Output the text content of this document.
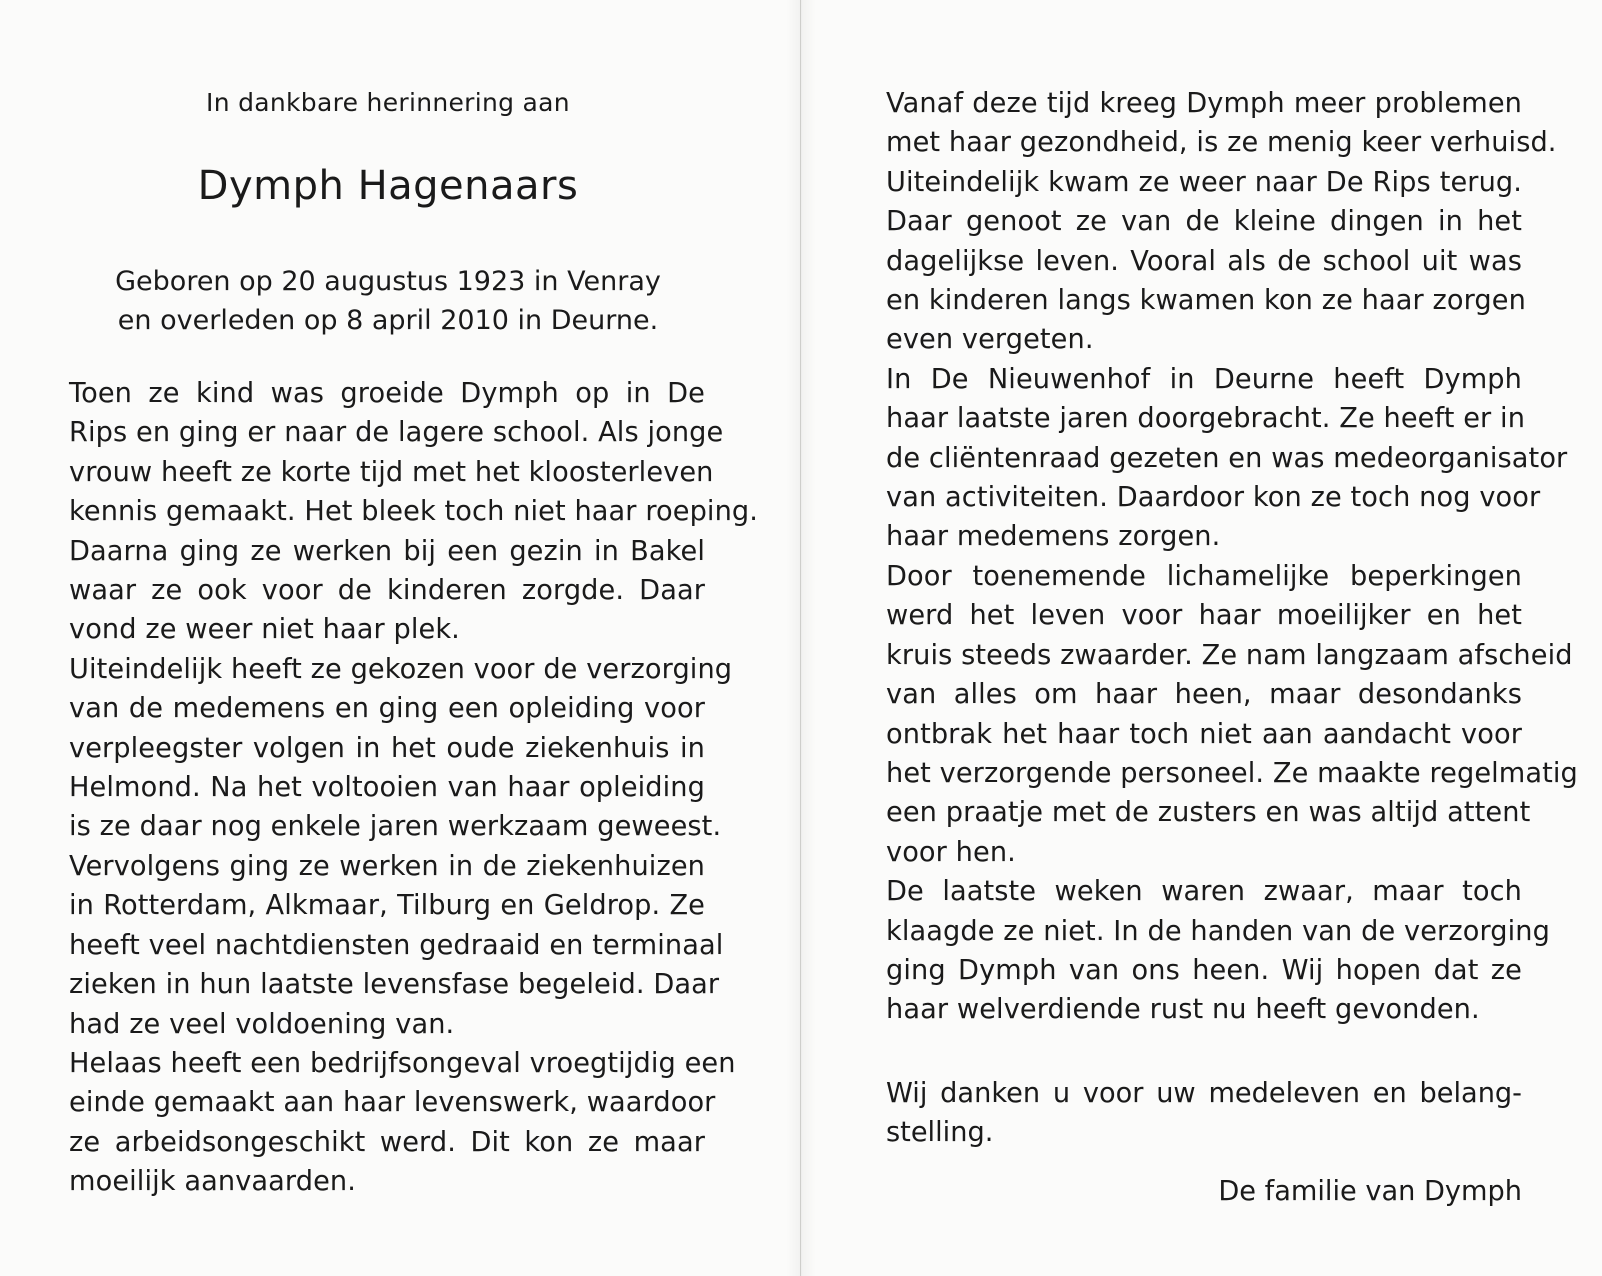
In dankbare herinnering aan
Dymph Hagenaars
Geboren op 20 augustus 1923 in Venray
en overleden op 8 april 2010 in Deurne.
Toen ze kind was groeide Dymph op in De
Rips en ging er naar de lagere school. Als jonge
vrouw heeft ze korte tijd met het kloosterleven
kennis gemaakt. Het bleek toch niet haar roeping.
Daarna ging ze werken bij een gezin in Bakel
waar ze ook voor de kinderen zorgde. Daar
vond ze weer niet haar plek.
Uiteindelijk heeft ze gekozen voor de verzorging
van de medemens en ging een opleiding voor
verpleegster volgen in het oude ziekenhuis in
Helmond. Na het voltooien van haar opleiding
is ze daar nog enkele jaren werkzaam geweest.
Vervolgens ging ze werken in de ziekenhuizen
in Rotterdam, Alkmaar, Tilburg en Geldrop. Ze
heeft veel nachtdiensten gedraaid en terminaal
zieken in hun laatste levensfase begeleid. Daar
had ze veel voldoening van.
Helaas heeft een bedrijfsongeval vroegtijdig een
einde gemaakt aan haar levenswerk, waardoor
ze arbeidsongeschikt werd. Dit kon ze maar
moeilijk aanvaarden.
Vanaf deze tijd kreeg Dymph meer problemen
met haar gezondheid, is ze menig keer verhuisd.
Uiteindelijk kwam ze weer naar De Rips terug.
Daar genoot ze van de kleine dingen in het
dagelijkse leven. Vooral als de school uit was
en kinderen langs kwamen kon ze haar zorgen
even vergeten.
In De Nieuwenhof in Deurne heeft Dymph
haar laatste jaren doorgebracht. Ze heeft er in
de cliëntenraad gezeten en was medeorganisator
van activiteiten. Daardoor kon ze toch nog voor
haar medemens zorgen.
Door toenemende lichamelijke beperkingen
werd het leven voor haar moeilijker en het
kruis steeds zwaarder. Ze nam langzaam afscheid
van alles om haar heen, maar desondanks
ontbrak het haar toch niet aan aandacht voor
het verzorgende personeel. Ze maakte regelmatig
een praatje met de zusters en was altijd attent
voor hen.
De laatste weken waren zwaar, maar toch
klaagde ze niet. In de handen van de verzorging
ging Dymph van ons heen. Wij hopen dat ze
haar welverdiende rust nu heeft gevonden.
Wij danken u voor uw medeleven en belang-
stelling.
De familie van Dymph
